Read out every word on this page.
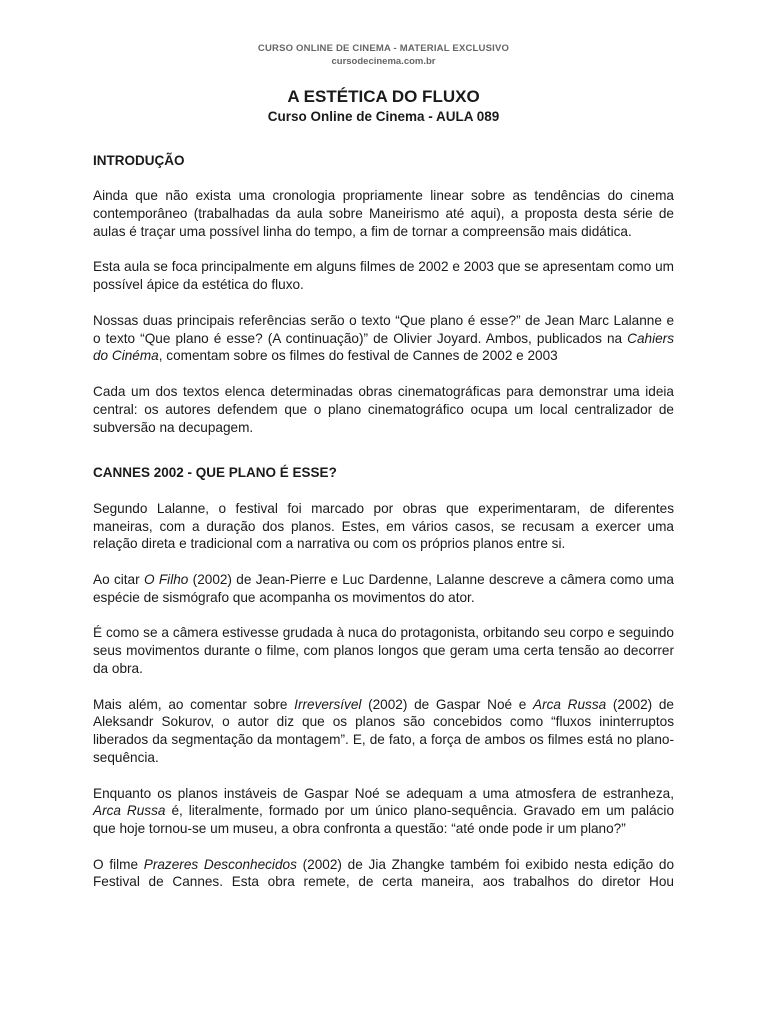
CURSO ONLINE DE CINEMA - MATERIAL EXCLUSIVO
cursodecinema.com.br
A ESTÉTICA DO FLUXO
Curso Online de Cinema - AULA 089
INTRODUÇÃO

Ainda que não exista uma cronologia propriamente linear sobre as tendências do cinema contemporâneo (trabalhadas da aula sobre Maneirismo até aqui), a proposta desta série de aulas é traçar uma possível linha do tempo, a fim de tornar a compreensão mais didática.

Esta aula se foca principalmente em alguns filmes de 2002 e 2003 que se apresentam como um possível ápice da estética do fluxo.

Nossas duas principais referências serão o texto “Que plano é esse?” de Jean Marc Lalanne e o texto “Que plano é esse? (A continuação)” de Olivier Joyard. Ambos, publicados na Cahiers do Cinéma, comentam sobre os filmes do festival de Cannes de 2002 e 2003

Cada um dos textos elenca determinadas obras cinematográficas para demonstrar uma ideia central: os autores defendem que o plano cinematográfico ocupa um local centralizador de subversão na decupagem.

CANNES 2002 - QUE PLANO É ESSE?

Segundo Lalanne, o festival foi marcado por obras que experimentaram, de diferentes maneiras, com a duração dos planos. Estes, em vários casos, se recusam a exercer uma relação direta e tradicional com a narrativa ou com os próprios planos entre si.

Ao citar O Filho (2002) de Jean-Pierre e Luc Dardenne, Lalanne descreve a câmera como uma espécie de sismógrafo que acompanha os movimentos do ator.

É como se a câmera estivesse grudada à nuca do protagonista, orbitando seu corpo e seguindo seus movimentos durante o filme, com planos longos que geram uma certa tensão ao decorrer da obra.

Mais além, ao comentar sobre Irreversível (2002) de Gaspar Noé e Arca Russa (2002) de Aleksandr Sokurov, o autor diz que os planos são concebidos como “fluxos ininterruptos liberados da segmentação da montagem”. E, de fato, a força de ambos os filmes está no plano-sequência.

Enquanto os planos instáveis de Gaspar Noé se adequam a uma atmosfera de estranheza, Arca Russa é, literalmente, formado por um único plano-sequência. Gravado em um palácio que hoje tornou-se um museu, a obra confronta a questão: “até onde pode ir um plano?”

O filme Prazeres Desconhecidos (2002) de Jia Zhangke também foi exibido nesta edição do Festival de Cannes. Esta obra remete, de certa maneira, aos trabalhos do diretor Hou
